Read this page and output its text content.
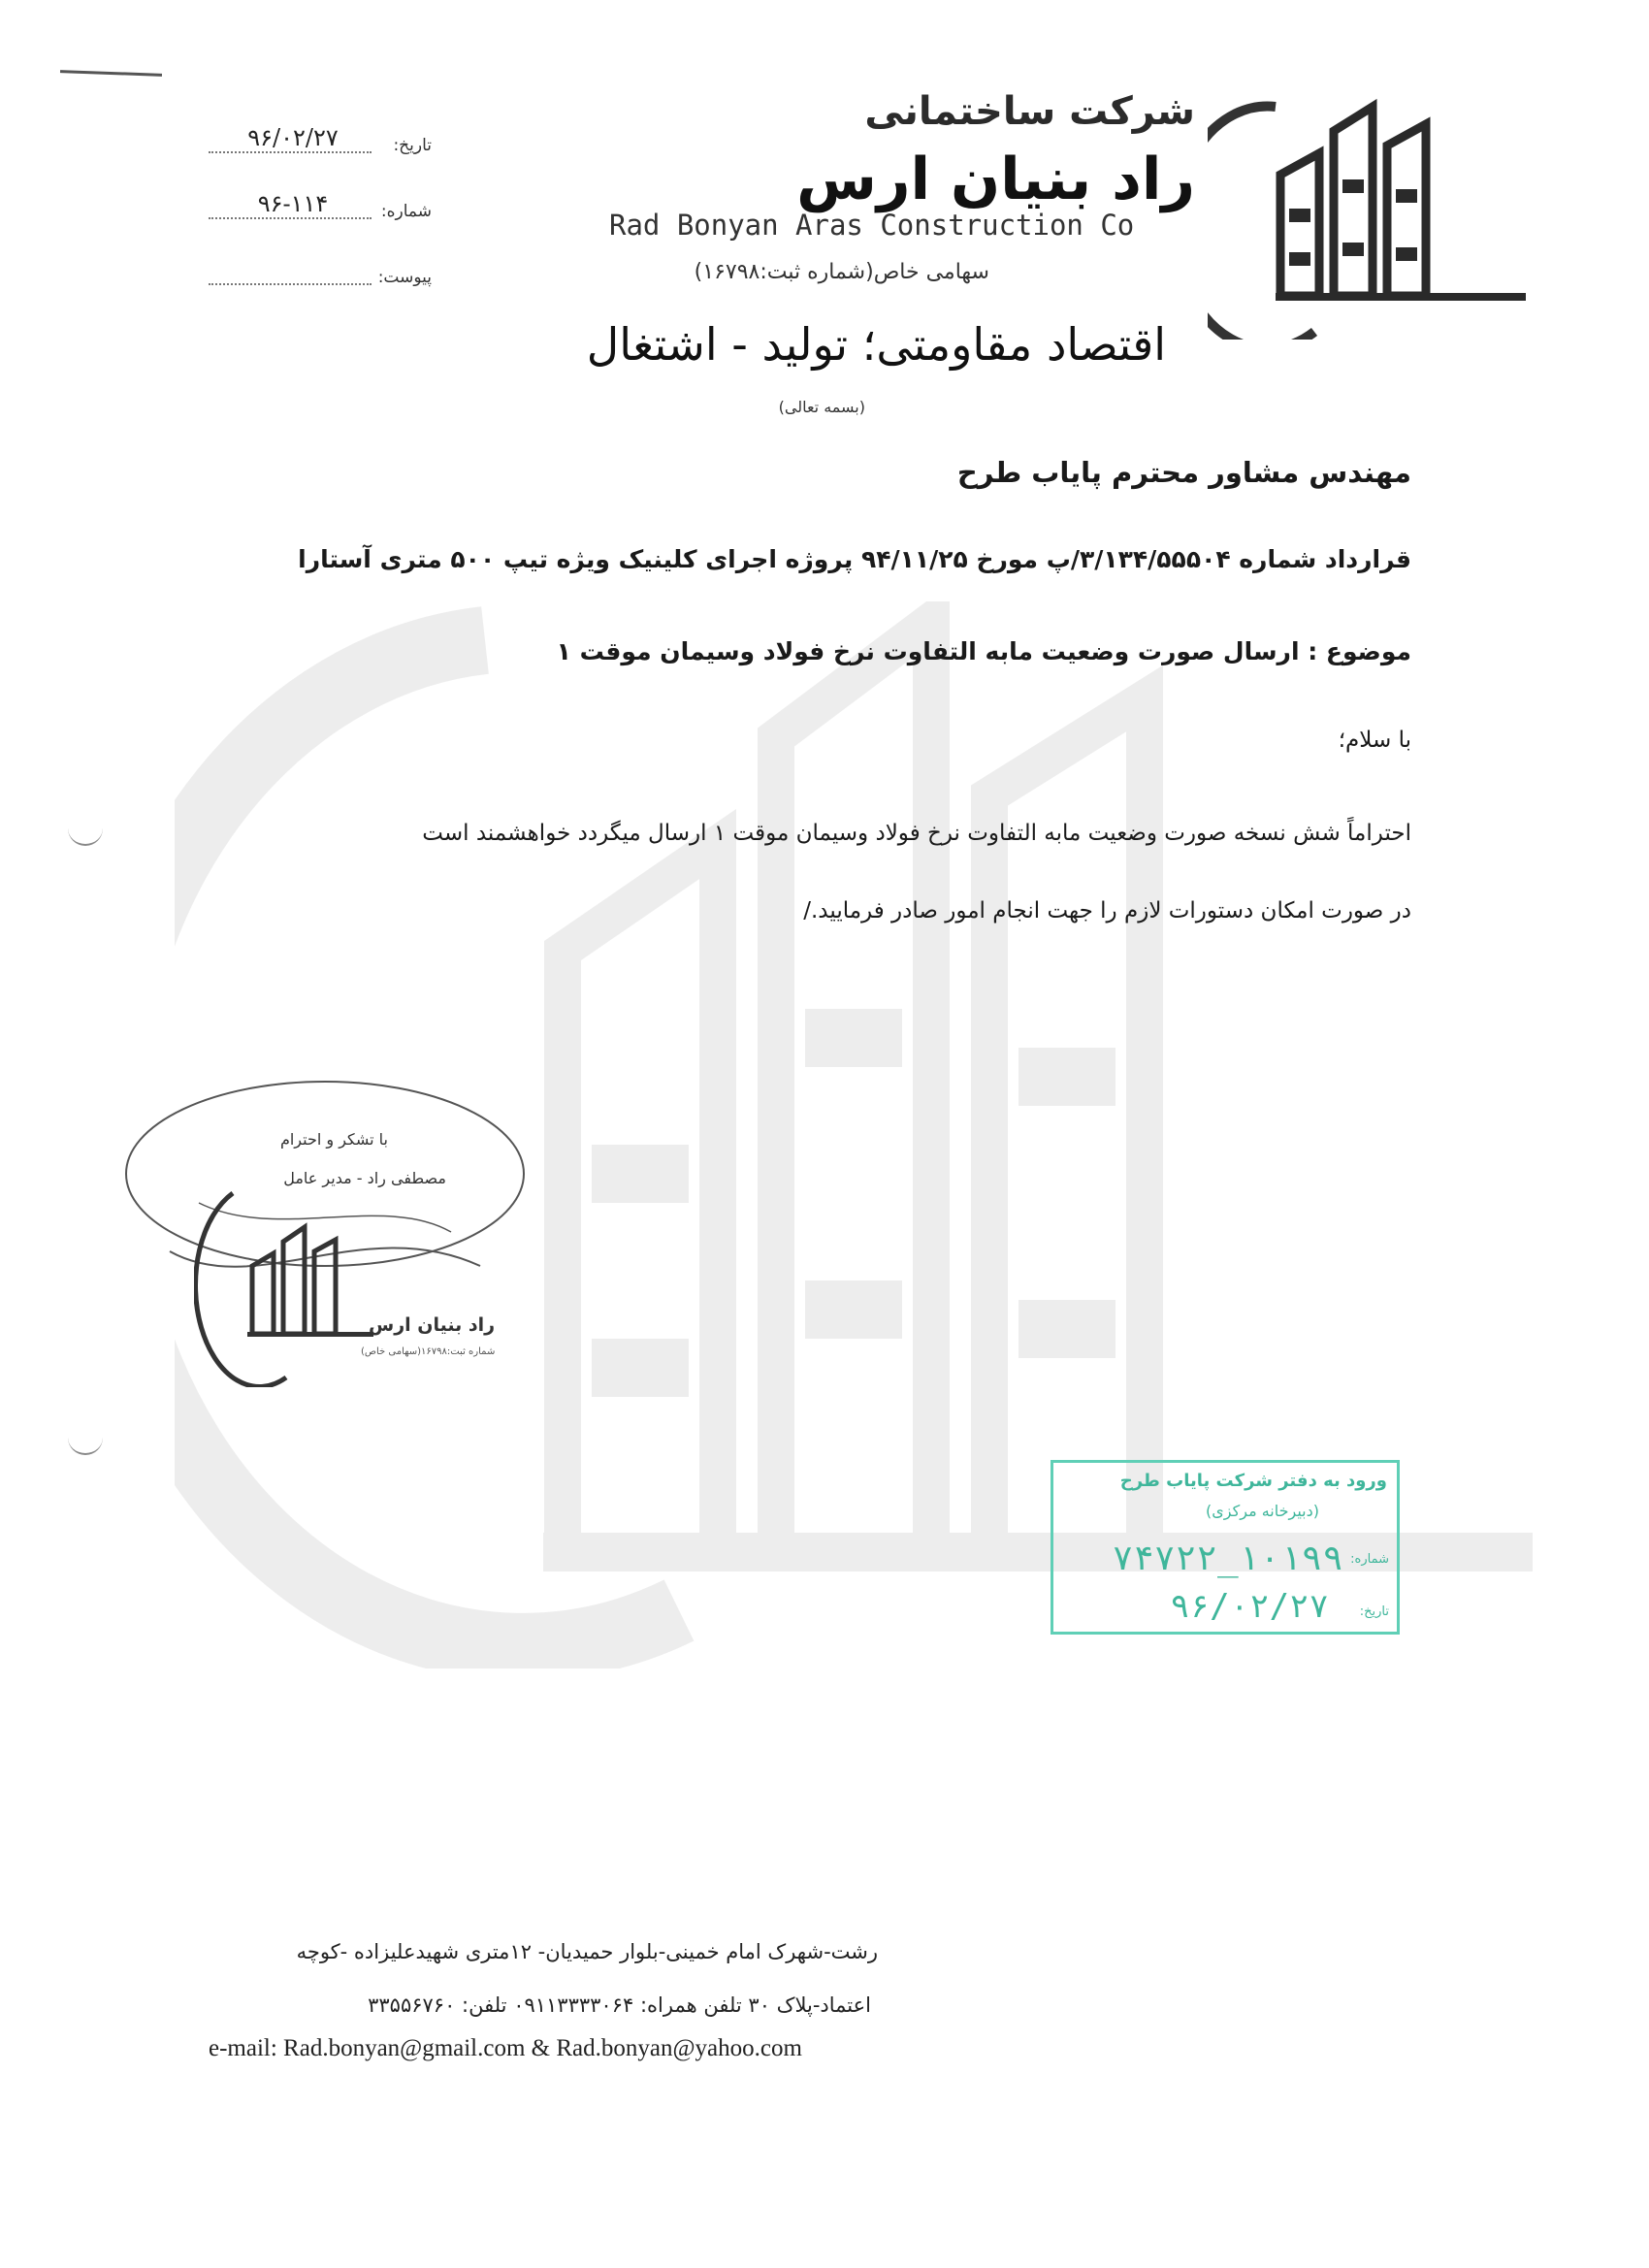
تاریخ:
۹۶/۰۲/۲۷
شماره:
۹۶-۱۱۴
پیوست:
شرکت ساختمانی
راد بنیان ارس
Rad Bonyan Aras Construction Co
سهامی خاص(شماره ثبت:۱۶۷۹۸)
اقتصاد مقاومتی؛ تولید - اشتغال
(بسمه تعالی)
مهندس مشاور محترم پایاب طرح
قرارداد شماره ۳/۱۳۴/۵۵۵۰۴/پ مورخ ۹۴/۱۱/۲۵ پروژه اجرای کلینیک ویژه تیپ ۵۰۰ متری آستارا
موضوع : ارسال صورت وضعیت مابه التفاوت نرخ فولاد وسیمان موقت ۱
با سلام؛
احتراماً شش نسخه صورت وضعیت مابه التفاوت نرخ فولاد وسیمان موقت ۱ ارسال میگردد خواهشمند است
در صورت امکان دستورات لازم را جهت انجام امور صادر فرمایید./
با تشکر و احترام
مصطفی راد - مدیر عامل
راد بنیان ارس
شماره ثبت:۱۶۷۹۸(سهامی خاص)
ورود به دفتر شرکت پایاب طرح
(دبیرخانه مرکزی)
شماره:
۱۰۱۹۹_۷۴۷۲۲
تاریخ:
۹۶/۰۲/۲۷
رشت-شهرک امام خمینی-بلوار حمیدیان- ۱۲متری شهیدعلیزاده -کوچه
اعتماد-پلاک ۳۰ تلفن همراه: ۰۹۱۱۳۳۳۳۰۶۴ تلفن: ۳۳۵۵۶۷۶۰
e-mail: Rad.bonyan@gmail.com & Rad.bonyan@yahoo.com
